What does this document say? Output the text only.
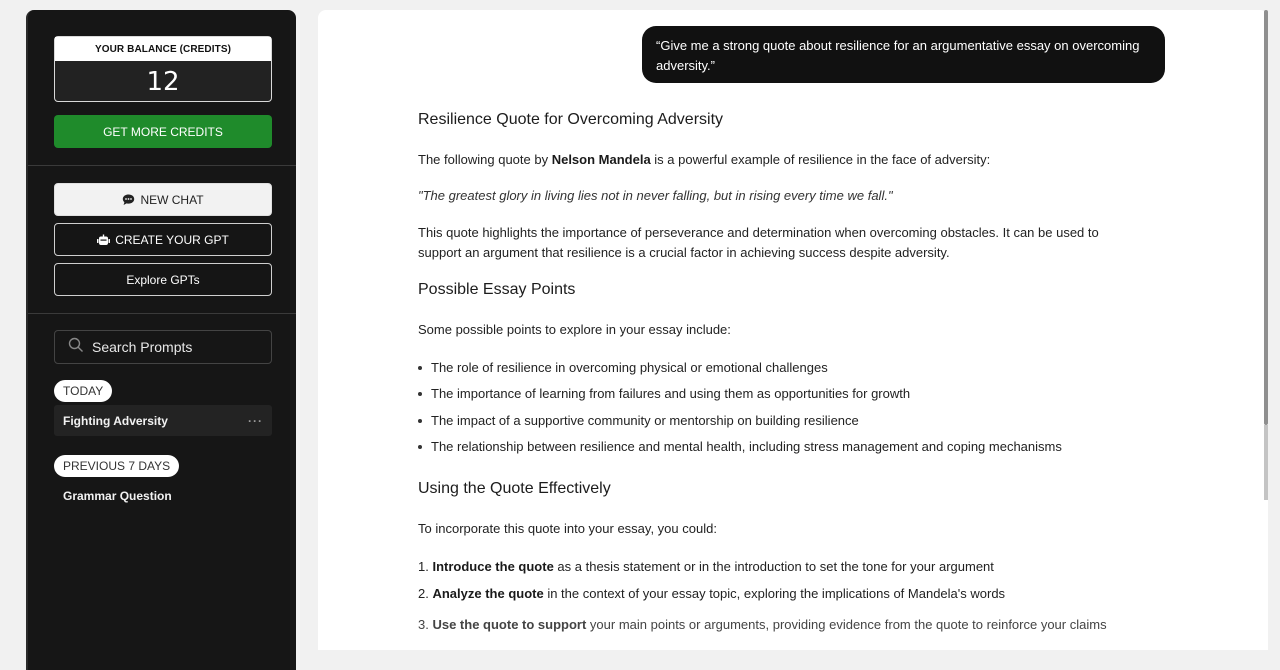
YOUR BALANCE (CREDITS)
12
GET MORE CREDITS
NEW CHAT
CREATE YOUR GPT
Explore GPTs
Search Prompts
TODAY
Fighting Adversity	···
PREVIOUS 7 DAYS
Grammar Question
“Give me a strong quote about resilience for an argumentative essay on overcoming adversity.”
Resilience Quote for Overcoming Adversity
The following quote by Nelson Mandela is a powerful example of resilience in the face of adversity:
"The greatest glory in living lies not in never falling, but in rising every time we fall."
This quote highlights the importance of perseverance and determination when overcoming obstacles. It can be used to
support an argument that resilience is a crucial factor in achieving success despite adversity.
Possible Essay Points
Some possible points to explore in your essay include:
The role of resilience in overcoming physical or emotional challenges
The importance of learning from failures and using them as opportunities for growth
The impact of a supportive community or mentorship on building resilience
The relationship between resilience and mental health, including stress management and coping mechanisms
Using the Quote Effectively
To incorporate this quote into your essay, you could:
1. Introduce the quote as a thesis statement or in the introduction to set the tone for your argument
2. Analyze the quote in the context of your essay topic, exploring the implications of Mandela's words
3. Use the quote to support your main points or arguments, providing evidence from the quote to reinforce your claims
